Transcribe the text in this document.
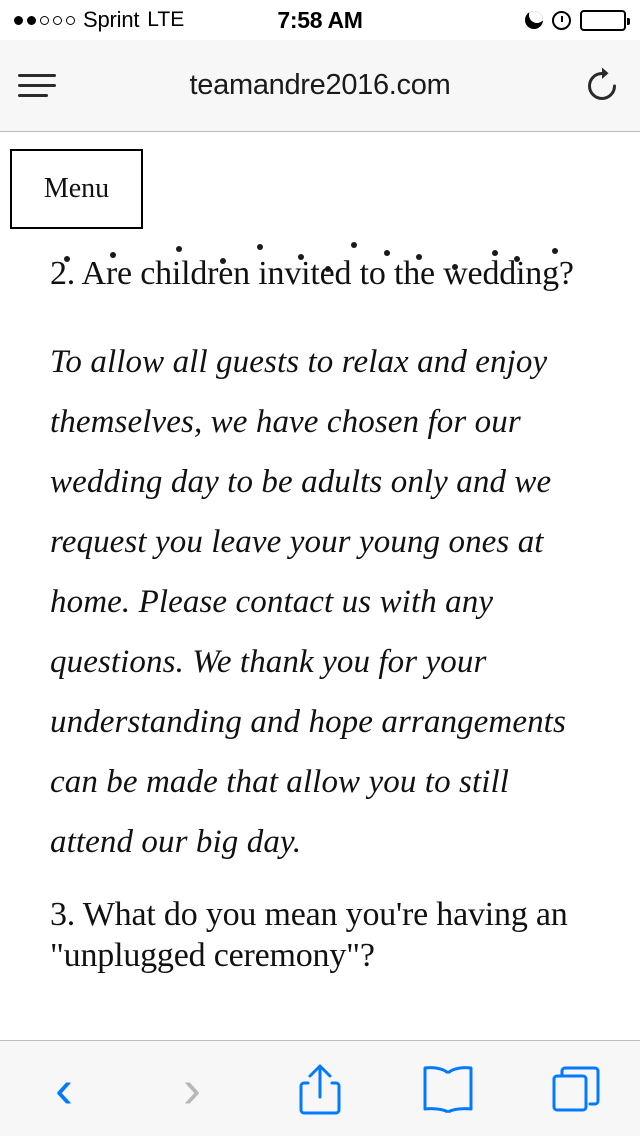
Sprint LTE	7:58 AM
teamandre2016.com
Menu
2. Are children invited to the wedding?

To allow all guests to relax and enjoy themselves, we have chosen for our wedding day to be adults only and we request you leave your young ones at home. Please contact us with any questions. We thank you for your understanding and hope arrangements can be made that allow you to still attend our big day.

3. What do you mean you're having an "unplugged ceremony"?
‹ ›
